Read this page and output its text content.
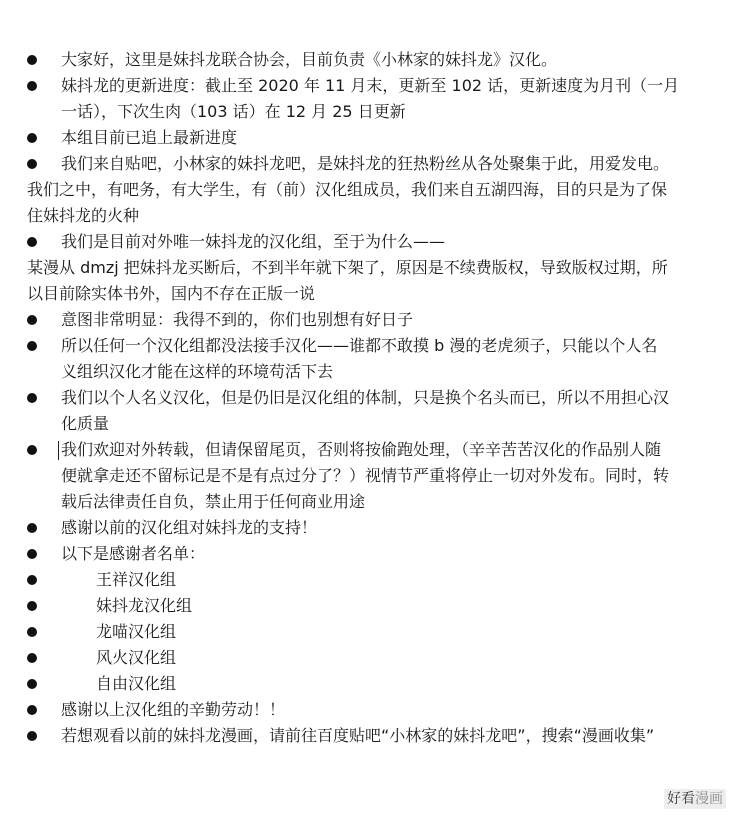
大家好，这里是妹抖龙联合协会，目前负责《小林家的妹抖龙》汉化。
妹抖龙的更新进度：截止至 2020 年 11 月末，更新至 102 话，更新速度为月刊（一月
一话），下次生肉（103 话）在 12 月 25 日更新
本组目前已追上最新进度
我们来自贴吧，小林家的妹抖龙吧，是妹抖龙的狂热粉丝从各处聚集于此，用爱发电。
我们之中，有吧务，有大学生，有（前）汉化组成员，我们来自五湖四海，目的只是为了保
住妹抖龙的火种
我们是目前对外唯一妹抖龙的汉化组，至于为什么——
某漫从 dmzj 把妹抖龙买断后，不到半年就下架了，原因是不续费版权，导致版权过期，所
以目前除实体书外，国内不存在正版一说
意图非常明显：我得不到的，你们也别想有好日子
所以任何一个汉化组都没法接手汉化——谁都不敢摸 b 漫的老虎须子，只能以个人名
义组织汉化才能在这样的环境苟活下去
我们以个人名义汉化，但是仍旧是汉化组的体制，只是换个名头而已，所以不用担心汉
化质量
我们欢迎对外转载，但请保留尾页，否则将按偷跑处理，（辛辛苦苦汉化的作品别人随
便就拿走还不留标记是不是有点过分了？）视情节严重将停止一切对外发布。同时，转
载后法律责任自负，禁止用于任何商业用途
感谢以前的汉化组对妹抖龙的支持！
以下是感谢者名单：
王祥汉化组
妹抖龙汉化组
龙喵汉化组
风火汉化组
自由汉化组
感谢以上汉化组的辛勤劳动！！
若想观看以前的妹抖龙漫画，请前往百度贴吧“小林家的妹抖龙吧”，搜索“漫画收集”
好看漫画
